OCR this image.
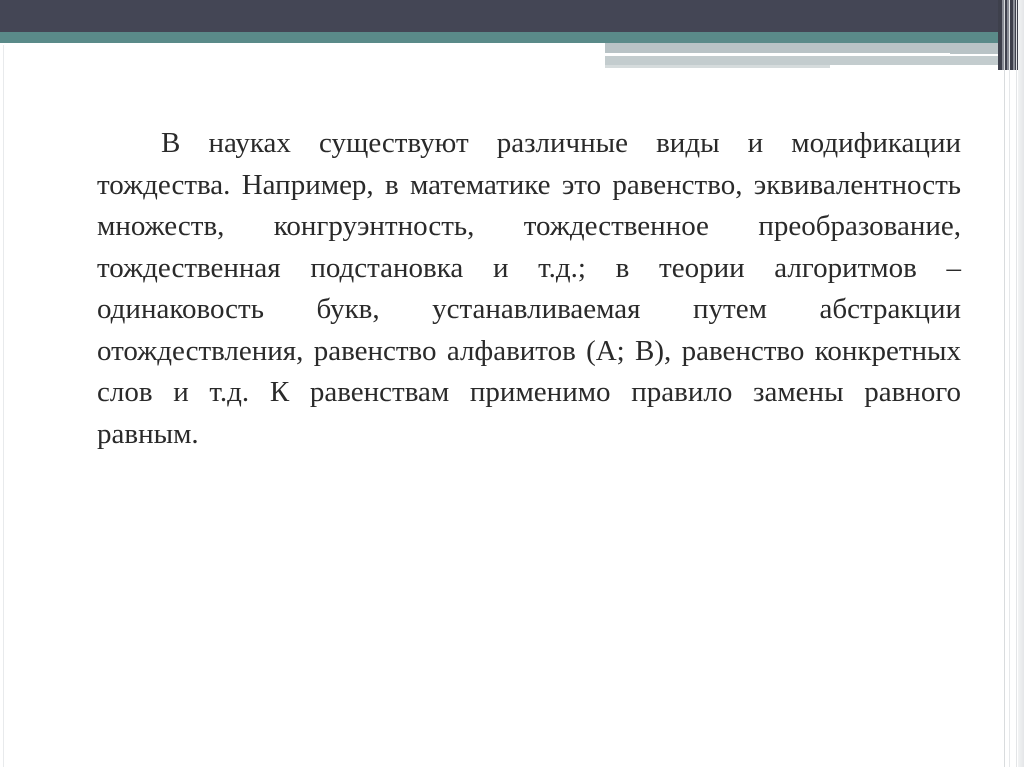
В науках существуют различные виды и модификации тождества. Например, в математике это равенство, эквивалентность множеств, конгруэнтность, тождественное преобразование, тождественная подстановка и т.д.; в теории алгоритмов – одинаковость букв, устанавливаемая путем абстракции отождествления, равенство алфавитов (А; В), равенство конкретных слов и т.д. К равенствам применимо правило замены равного равным.
